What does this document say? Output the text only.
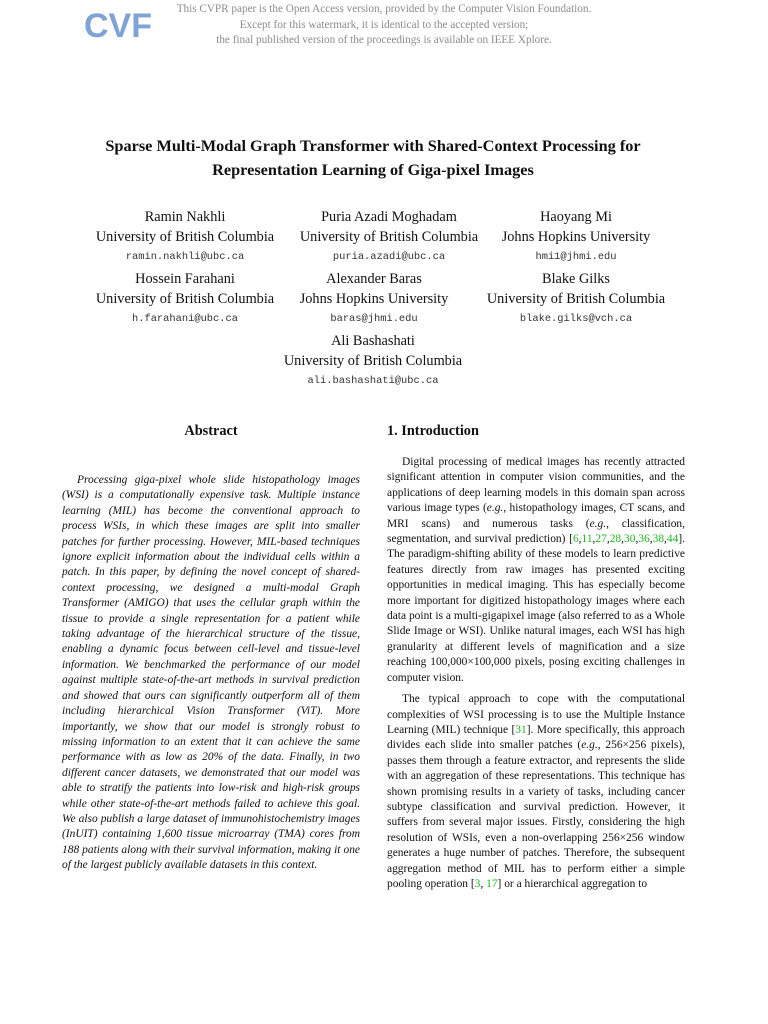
CVF	This CVPR paper is the Open Access version, provided by the Computer Vision Foundation.
Except for this watermark, it is identical to the accepted version;
the final published version of the proceedings is available on IEEE Xplore.
Sparse Multi-Modal Graph Transformer with Shared-Context Processing for
Representation Learning of Giga-pixel Images
Ramin Nakhli
University of British Columbia
ramin.nakhli@ubc.ca
Puria Azadi Moghadam
University of British Columbia
puria.azadi@ubc.ca
Haoyang Mi
Johns Hopkins University
hmi1@jhmi.edu
Hossein Farahani
University of British Columbia
h.farahani@ubc.ca
Alexander Baras
Johns Hopkins University
baras@jhmi.edu
Blake Gilks
University of British Columbia
blake.gilks@vch.ca
Ali Bashashati
University of British Columbia
ali.bashashati@ubc.ca
Abstract

Processing giga-pixel whole slide histopathology images (WSI) is a computationally expensive task. Multiple instance learning (MIL) has become the conventional approach to process WSIs, in which these images are split into smaller patches for further processing. However, MIL-based techniques ignore explicit information about the individual cells within a patch. In this paper, by defining the novel concept of shared-context processing, we designed a multi-modal Graph Transformer (AMIGO) that uses the cellular graph within the tissue to provide a single representation for a patient while taking advantage of the hierarchical structure of the tissue, enabling a dynamic focus between cell-level and tissue-level information. We benchmarked the performance of our model against multiple state-of-the-art methods in survival prediction and showed that ours can significantly outperform all of them including hierarchical Vision Transformer (ViT). More importantly, we show that our model is strongly robust to missing information to an extent that it can achieve the same performance with as low as 20% of the data. Finally, in two different cancer datasets, we demonstrated that our model was able to stratify the patients into low-risk and high-risk groups while other state-of-the-art methods failed to achieve this goal. We also publish a large dataset of immunohistochemistry images (InUIT) containing 1,600 tissue microarray (TMA) cores from 188 patients along with their survival information, making it one of the largest publicly available datasets in this context.

1. Introduction

Digital processing of medical images has recently attracted significant attention in computer vision communities, and the applications of deep learning models in this domain span across various image types (e.g., histopathology images, CT scans, and MRI scans) and numerous tasks (e.g., classification, segmentation, and survival prediction) [6,11,27,28,30,36,38,44]. The paradigm-shifting ability of these models to learn predictive features directly from raw images has presented exciting opportunities in medical imaging. This has especially become more important for digitized histopathology images where each data point is a multi-gigapixel image (also referred to as a Whole Slide Image or WSI). Unlike natural images, each WSI has high granularity at different levels of magnification and a size reaching 100,000×100,000 pixels, posing exciting challenges in computer vision.

The typical approach to cope with the computational complexities of WSI processing is to use the Multiple Instance Learning (MIL) technique [31]. More specifically, this approach divides each slide into smaller patches (e.g., 256×256 pixels), passes them through a feature extractor, and represents the slide with an aggregation of these representations. This technique has shown promising results in a variety of tasks, including cancer subtype classification and survival prediction. However, it suffers from several major issues. Firstly, considering the high resolution of WSIs, even a non-overlapping 256×256 window generates a huge number of patches. Therefore, the subsequent aggregation method of MIL has to perform either a simple pooling operation [3, 17] or a hierarchical aggregation to
